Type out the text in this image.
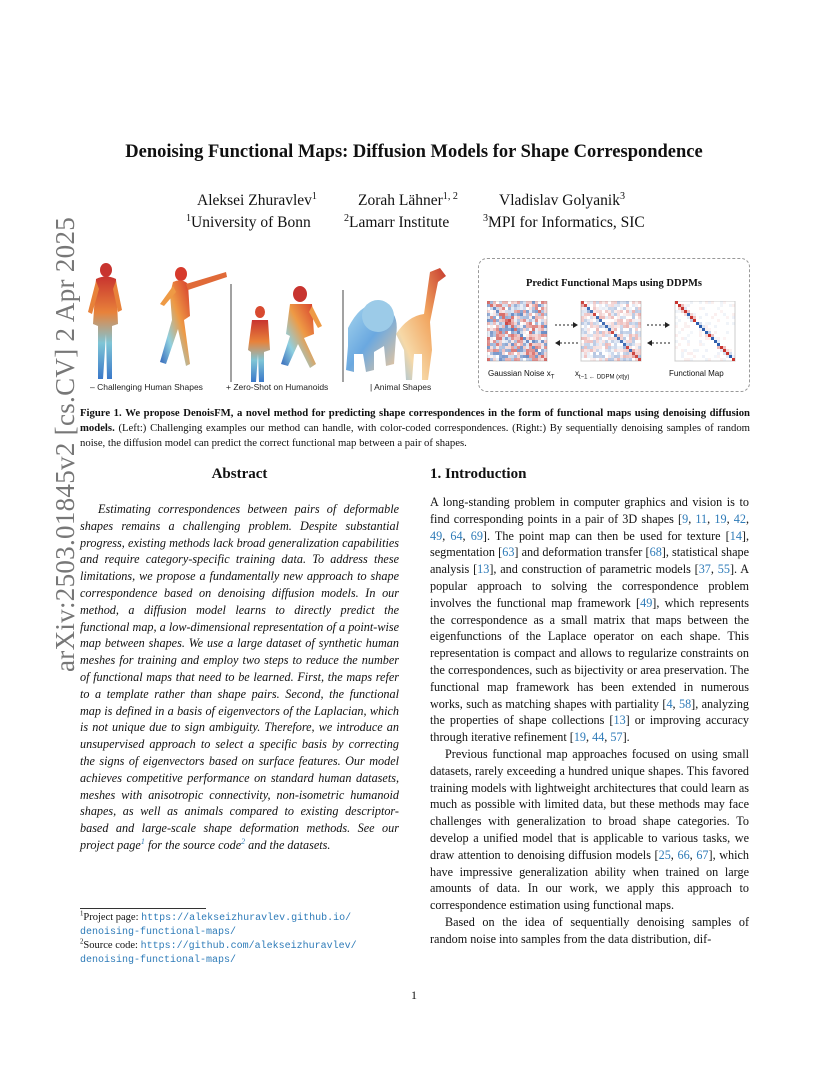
arXiv:2503.01845v2 [cs.CV] 2 Apr 2025
Denoising Functional Maps: Diffusion Models for Shape Correspondence
Aleksei Zhuravlev$^1$	Zorah Lähner$^{1, 2}$	Vladislav Golyanik$^3$
$^1$University of Bonn	$^2$Lamarr Institute	$^3$MPI for Informatics, SIC
– Challenging Human Shapes	+ Zero-Shot on Humanoids	| Animal Shapes
Predict Functional Maps using DDPMs
Gaussian Noise $x_T$	$x_{t-1 \leftarrow DDPM (xt|y)}$	Functional Map
Figure 1. We propose DenoisFM, a novel method for predicting shape correspondences in the form of functional maps using denoising diffusion models. (Left:) Challenging examples our method can handle, with color-coded correspondences. (Right:) By sequentially denoising samples of random noise, the diffusion model can predict the correct functional map between a pair of shapes.
Abstract
Estimating correspondences between pairs of deformable shapes remains a challenging problem. Despite substantial progress, existing methods lack broad generalization capabilities and require category-specific training data. To address these limitations, we propose a fundamentally new approach to shape correspondence based on denoising diffusion models. In our method, a diffusion model learns to directly predict the functional map, a low-dimensional representation of a point-wise map between shapes. We use a large dataset of synthetic human meshes for training and employ two steps to reduce the number of functional maps that need to be learned. First, the maps refer to a template rather than shape pairs. Second, the functional map is defined in a basis of eigenvectors of the Laplacian, which is not unique due to sign ambiguity. Therefore, we introduce an unsupervised approach to select a specific basis by correcting the signs of eigenvectors based on surface features. Our model achieves competitive performance on standard human datasets, meshes with anisotropic connectivity, non-isometric humanoid shapes, as well as animals compared to existing descriptor-based and large-scale shape deformation methods. See our project page$^1$ for the source code$^2$ and the datasets.
1. Introduction

A long-standing problem in computer graphics and vision is to find corresponding points in a pair of 3D shapes [9, 11, 19, 42, 49, 64, 69]. The point map can then be used for texture [14], segmentation [63] and deformation transfer [68], statistical shape analysis [13], and construction of parametric models [37, 55]. A popular approach to solving the correspondence problem involves the functional map framework [49], which represents the correspondence as a small matrix that maps between the eigenfunctions of the Laplace operator on each shape. This representation is compact and allows to regularize constraints on the correspondences, such as bijectivity or area preservation. The functional map framework has been extended in numerous works, such as matching shapes with partiality [4, 58], analyzing the properties of shape collections [13] or improving accuracy through iterative refinement [19, 44, 57].

Previous functional map approaches focused on using small datasets, rarely exceeding a hundred unique shapes. This favored training models with lightweight architectures that could learn as much as possible with limited data, but these methods may face challenges with generalization to broad shape categories. To develop a unified model that is applicable to various tasks, we draw attention to denoising diffusion models [25, 66, 67], which have impressive generalization ability when trained on large amounts of data. In our work, we apply this approach to correspondence estimation using functional maps.

Based on the idea of sequentially denoising samples of random noise into samples from the data distribution, dif-

$^1$Project page: https://alekseizhuravlev.github.io/
denoising-functional-maps/
$^2$Source code: https://github.com/alekseizhuravlev/
denoising-functional-maps/
1
